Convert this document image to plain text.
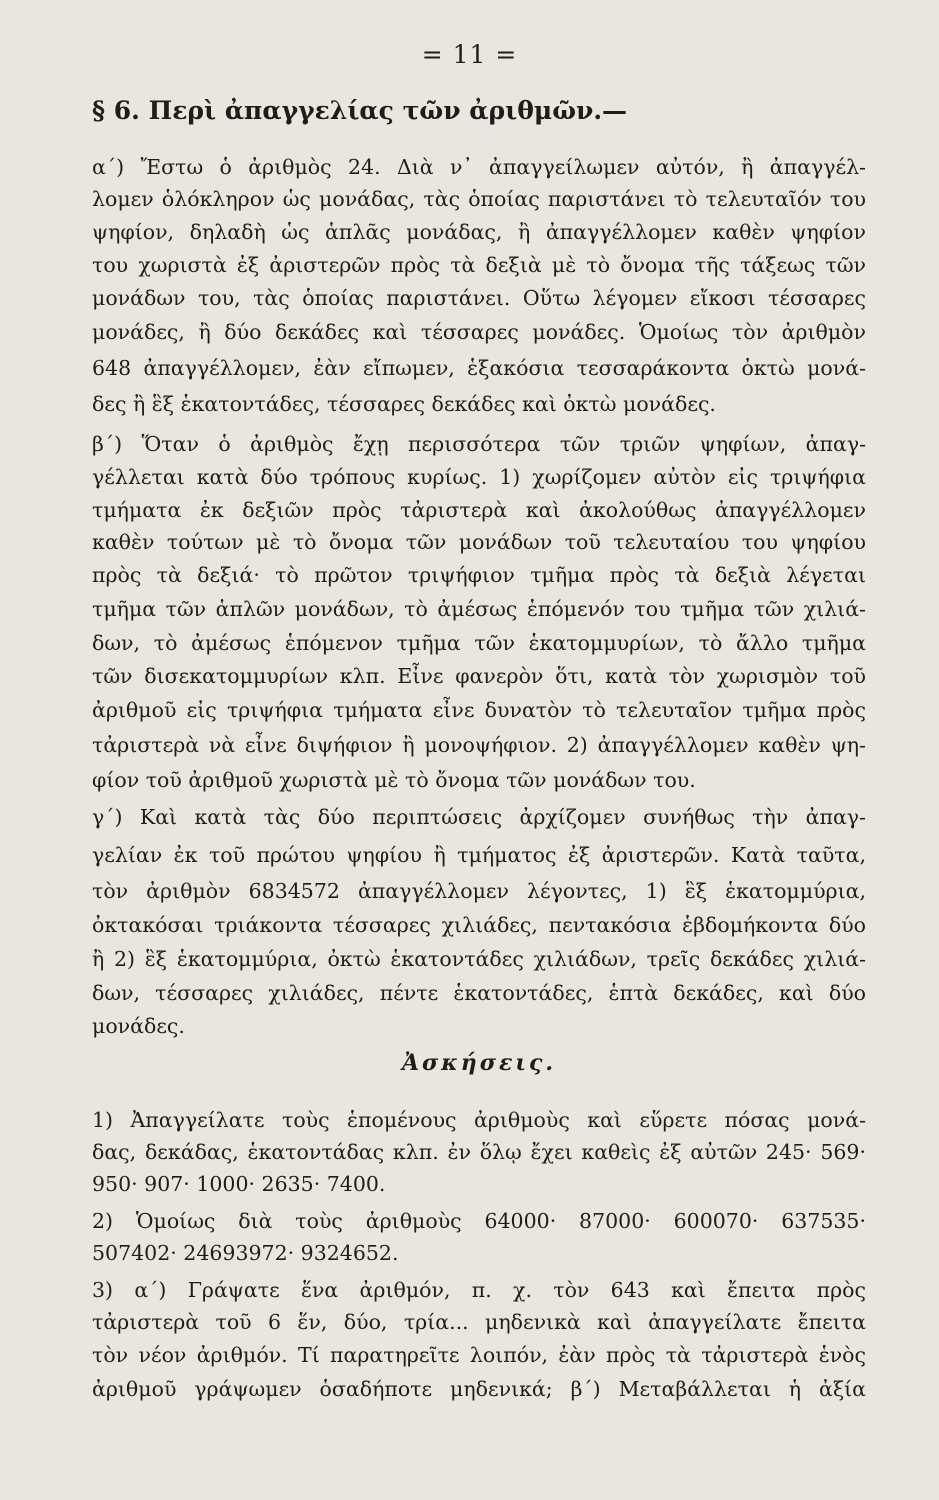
= 11 =
§ 6. Περὶ ἀπαγγελίας τῶν ἀριθμῶν.—
α΄) Ἔστω ὁ ἀριθμὸς 24. Διὰ ν᾽ ἀπαγγείλωμεν αὐτόν, ἢ ἀπαγγέλ-
λομεν ὁλόκληρον ὡς μονάδας, τὰς ὁποίας παριστάνει τὸ τελευταῖόν του
ψηφίον, δηλαδὴ ὡς ἁπλᾶς μονάδας, ἢ ἀπαγγέλλομεν καθὲν ψηφίον
του χωριστὰ ἐξ ἀριστερῶν πρὸς τὰ δεξιὰ μὲ τὸ ὄνομα τῆς τάξεως τῶν
μονάδων του, τὰς ὁποίας παριστάνει. Οὕτω λέγομεν εἴκοσι τέσσαρες
μονάδες, ἢ δύο δεκάδες καὶ τέσσαρες μονάδες. Ὁμοίως τὸν ἀριθμὸν
648 ἀπαγγέλλομεν, ἐὰν εἴπωμεν, ἑξακόσια τεσσαράκοντα ὀκτὼ μονά-
δες ἢ ἓξ ἑκατοντάδες, τέσσαρες δεκάδες καὶ ὀκτὼ μονάδες.
β΄) Ὅταν ὁ ἀριθμὸς ἔχῃ περισσότερα τῶν τριῶν ψηφίων, ἀπαγ-
γέλλεται κατὰ δύο τρόπους κυρίως. 1) χωρίζομεν αὐτὸν εἰς τριψήφια
τμήματα ἐκ δεξιῶν πρὸς τἀριστερὰ καὶ ἀκολούθως ἀπαγγέλλομεν
καθὲν τούτων μὲ τὸ ὄνομα τῶν μονάδων τοῦ τελευταίου του ψηφίου
πρὸς τὰ δεξιά· τὸ πρῶτον τριψήφιον τμῆμα πρὸς τὰ δεξιὰ λέγεται
τμῆμα τῶν ἁπλῶν μονάδων, τὸ ἀμέσως ἑπόμενόν του τμῆμα τῶν χιλιά-
δων, τὸ ἀμέσως ἑπόμενον τμῆμα τῶν ἑκατομμυρίων, τὸ ἄλλο τμῆμα
τῶν δισεκατομμυρίων κλπ. Εἶνε φανερὸν ὅτι, κατὰ τὸν χωρισμὸν τοῦ
ἀριθμοῦ εἰς τριψήφια τμήματα εἶνε δυνατὸν τὸ τελευταῖον τμῆμα πρὸς
τἀριστερὰ νὰ εἶνε διψήφιον ἢ μονοψήφιον. 2) ἀπαγγέλλομεν καθὲν ψη-
φίον τοῦ ἀριθμοῦ χωριστὰ μὲ τὸ ὄνομα τῶν μονάδων του.
γ΄) Καὶ κατὰ τὰς δύο περιπτώσεις ἀρχίζομεν συνήθως τὴν ἀπαγ-
γελίαν ἐκ τοῦ πρώτου ψηφίου ἢ τμήματος ἐξ ἀριστερῶν. Κατὰ ταῦτα,
τὸν ἀριθμὸν 6834572 ἀπαγγέλλομεν λέγοντες, 1) ἓξ ἑκατομμύρια,
ὀκτακόσαι τριάκοντα τέσσαρες χιλιάδες, πεντακόσια ἑβδομήκοντα δύο
ἢ 2) ἓξ ἑκατομμύρια, ὀκτὼ ἑκατοντάδες χιλιάδων, τρεῖς δεκάδες χιλιά-
δων, τέσσαρες χιλιάδες, πέντε ἑκατοντάδες, ἑπτὰ δεκάδες, καὶ δύο
μονάδες.
Ἀσκήσεις.
1) Ἀπαγγείλατε τοὺς ἑπομένους ἀριθμοὺς καὶ εὕρετε πόσας μονά-
δας, δεκάδας, ἑκατοντάδας κλπ. ἐν ὅλῳ ἔχει καθεὶς ἐξ αὐτῶν 245· 569·
950· 907· 1000· 2635· 7400.
2) Ὁμοίως διὰ τοὺς ἀριθμοὺς 64000· 87000· 600070· 637535·
507402· 24693972· 9324652.
3) α΄) Γράψατε ἕνα ἀριθμόν, π. χ. τὸν 643 καὶ ἔπειτα πρὸς
τἀριστερὰ τοῦ 6 ἕν, δύο, τρία... μηδενικὰ καὶ ἀπαγγείλατε ἔπειτα
τὸν νέον ἀριθμόν. Τί παρατηρεῖτε λοιπόν, ἐὰν πρὸς τὰ τἀριστερὰ ἑνὸς
ἀριθμοῦ γράψωμεν ὁσαδήποτε μηδενικά; β΄) Μεταβάλλεται ἡ ἀξία
